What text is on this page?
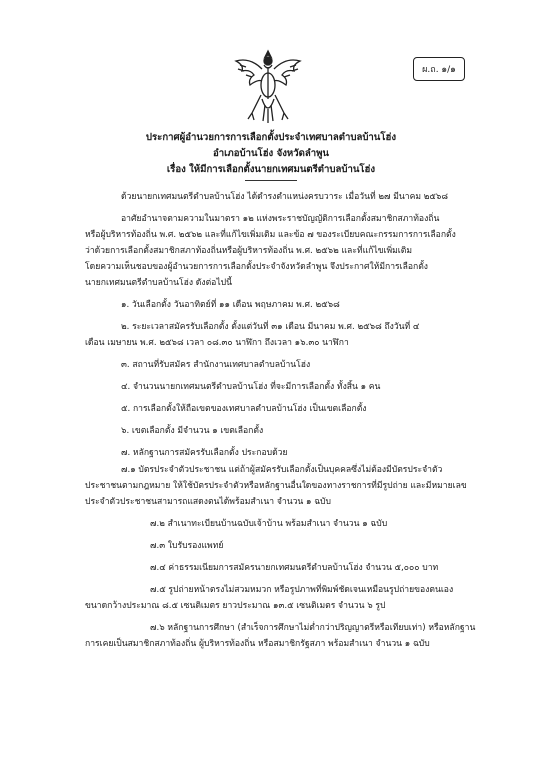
ผ.ถ. ๑/๑
ประกาศผู้อำนวยการการเลือกตั้งประจำเทศบาลตำบลบ้านโฮ่ง
อำเภอบ้านโฮ่ง จังหวัดลำพูน
เรื่อง ให้มีการเลือกตั้งนายกเทศมนตรีตำบลบ้านโฮ่ง
ด้วยนายกเทศมนตรีตำบลบ้านโฮ่ง ได้ดำรงตำแหน่งครบวาระ เมื่อวันที่ ๒๗ มีนาคม ๒๕๖๘
อาศัยอำนาจตามความในมาตรา ๑๒ แห่งพระราชบัญญัติการเลือกตั้งสมาชิกสภาท้องถิ่น
หรือผู้บริหารท้องถิ่น พ.ศ. ๒๕๖๒ และที่แก้ไขเพิ่มเติม และข้อ ๗ ของระเบียบคณะกรรมการการเลือกตั้ง
ว่าด้วยการเลือกตั้งสมาชิกสภาท้องถิ่นหรือผู้บริหารท้องถิ่น พ.ศ. ๒๕๖๒ และที่แก้ไขเพิ่มเติม
โดยความเห็นชอบของผู้อำนวยการการเลือกตั้งประจำจังหวัดลำพูน จึงประกาศให้มีการเลือกตั้ง
นายกเทศมนตรีตำบลบ้านโฮ่ง ดังต่อไปนี้
๑. วันเลือกตั้ง วันอาทิตย์ที่ ๑๑ เดือน พฤษภาคม พ.ศ. ๒๕๖๘
๒. ระยะเวลาสมัครรับเลือกตั้ง ตั้งแต่วันที่ ๓๑ เดือน มีนาคม พ.ศ. ๒๕๖๘ ถึงวันที่ ๔
เดือน เมษายน พ.ศ. ๒๕๖๘ เวลา ๐๘.๓๐ นาฬิกา ถึงเวลา ๑๖.๓๐ นาฬิกา
๓. สถานที่รับสมัคร สำนักงานเทศบาลตำบลบ้านโฮ่ง
๔. จำนวนนายกเทศมนตรีตำบลบ้านโฮ่ง ที่จะมีการเลือกตั้ง ทั้งสิ้น ๑ คน
๕. การเลือกตั้งให้ถือเขตของเทศบาลตำบลบ้านโฮ่ง เป็นเขตเลือกตั้ง
๖. เขตเลือกตั้ง มีจำนวน ๑ เขตเลือกตั้ง
๗. หลักฐานการสมัครรับเลือกตั้ง ประกอบด้วย
๗.๑ บัตรประจำตัวประชาชน แต่ถ้าผู้สมัครรับเลือกตั้งเป็นบุคคลซึ่งไม่ต้องมีบัตรประจำตัว
ประชาชนตามกฎหมาย ให้ใช้บัตรประจำตัวหรือหลักฐานอื่นใดของทางราชการที่มีรูปถ่าย และมีหมายเลข
ประจำตัวประชาชนสามารถแสดงตนได้พร้อมสำเนา จำนวน ๑ ฉบับ
๗.๒ สำเนาทะเบียนบ้านฉบับเจ้าบ้าน พร้อมสำเนา จำนวน ๑ ฉบับ
๗.๓ ใบรับรองแพทย์
๗.๔ ค่าธรรมเนียมการสมัครนายกเทศมนตรีตำบลบ้านโฮ่ง จำนวน ๕,๐๐๐ บาท
๗.๕ รูปถ่ายหน้าตรงไม่สวมหมวก หรือรูปภาพที่พิมพ์ชัดเจนเหมือนรูปถ่ายของตนเอง
ขนาดกว้างประมาณ ๘.๕ เซนติเมตร ยาวประมาณ ๑๓.๕ เซนติเมตร จำนวน ๖ รูป
๗.๖ หลักฐานการศึกษา (สำเร็จการศึกษาไม่ต่ำกว่าปริญญาตรีหรือเทียบเท่า) หรือหลักฐาน
การเคยเป็นสมาชิกสภาท้องถิ่น ผู้บริหารท้องถิ่น หรือสมาชิกรัฐสภา พร้อมสำเนา จำนวน ๑ ฉบับ
